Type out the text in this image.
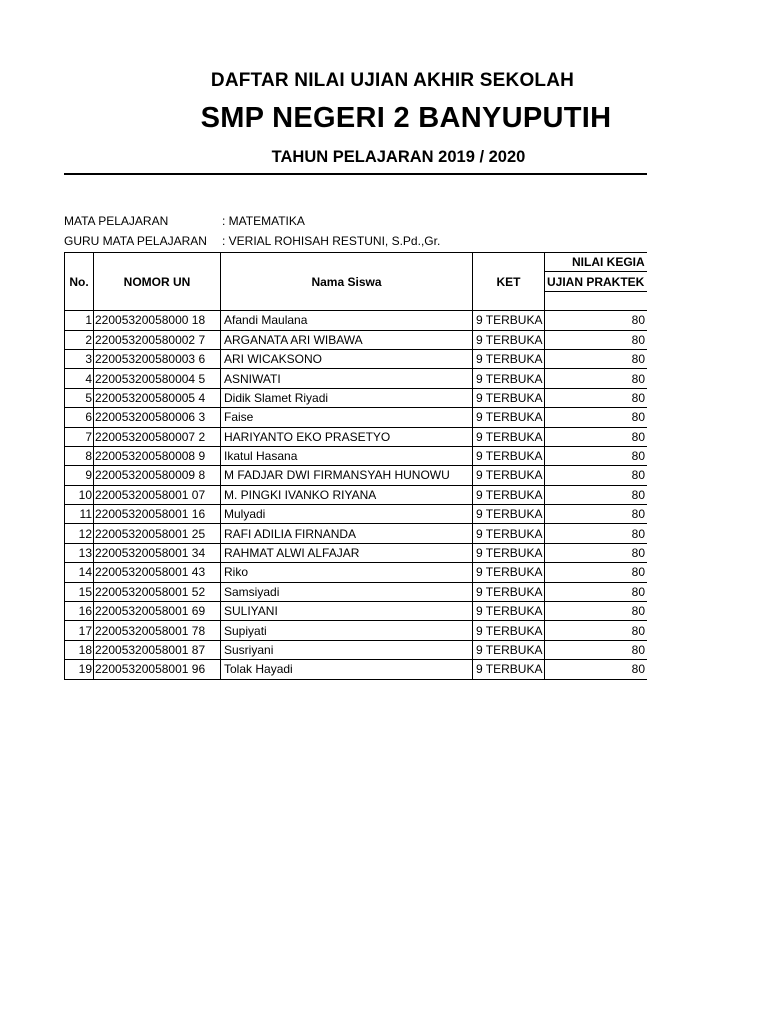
DAFTAR NILAI UJIAN AKHIR SEKOLAH
SMP NEGERI 2 BANYUPUTIH
TAHUN PELAJARAN 2019 / 2020
MATA PELAJARAN	: MATEMATIKA
GURU MATA PELAJARAN : VERIAL ROHISAH RESTUNI, S.Pd.,Gr.
No.	NOMOR UN	Nama Siswa	KET	NILAI KEGIA	
				UJIAN PRAKTEK	

1	22005320058000 18	Afandi Maulana	9 TERBUKA	80	
2	220053200580002 7	ARGANATA ARI WIBAWA	9 TERBUKA	80	
3	220053200580003 6	ARI WICAKSONO	9 TERBUKA	80	
4	220053200580004 5	ASNIWATI	9 TERBUKA	80	
5	220053200580005 4	Didik Slamet Riyadi	9 TERBUKA	80	
6	220053200580006 3	Faise	9 TERBUKA	80	
7	220053200580007 2	HARIYANTO EKO PRASETYO	9 TERBUKA	80	
8	220053200580008 9	Ikatul Hasana	9 TERBUKA	80	
9	220053200580009 8	M FADJAR DWI FIRMANSYAH HUNOWU	9 TERBUKA	80	
10	22005320058001 07	M. PINGKI IVANKO RIYANA	9 TERBUKA	80	
11	22005320058001 16	Mulyadi	9 TERBUKA	80	
12	22005320058001 25	RAFI ADILIA FIRNANDA	9 TERBUKA	80	
13	22005320058001 34	RAHMAT ALWI ALFAJAR	9 TERBUKA	80	
14	22005320058001 43	Riko	9 TERBUKA	80	
15	22005320058001 52	Samsiyadi	9 TERBUKA	80	
16	22005320058001 69	SULIYANI	9 TERBUKA	80	
17	22005320058001 78	Supiyati	9 TERBUKA	80	
18	22005320058001 87	Susriyani	9 TERBUKA	80	
19	22005320058001 96	Tolak Hayadi	9 TERBUKA	80	
